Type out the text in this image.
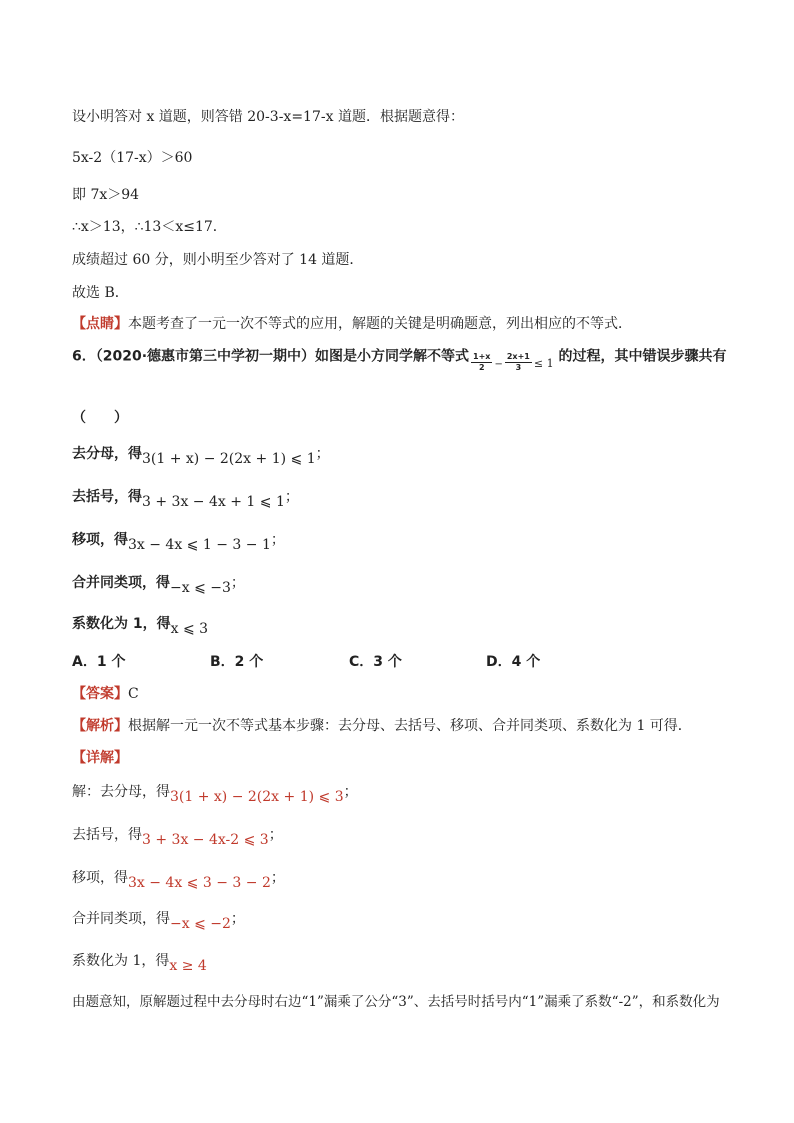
设小明答对 x 道题，则答错 20-3-x=17-x 道题．根据题意得：
5x-2（17-x）＞60
即 7x＞94
∴x＞13，∴13＜x≤17．
成绩超过 60 分，则小明至少答对了 14 道题．
故选 B．
【点睛】本题考查了一元一次不等式的应用，解题的关键是明确题意，列出相应的不等式．
6．（2020·德惠市第三中学初一期中）如图是小方同学解不等式 $\frac{1+x}{2} _- \frac{2x+1}{3} _{\le 1}$ 的过程，其中错误步骤共有
（　　）
去分母，得3(1 + x) − 2(2x + 1) ⩽ 1；
去括号，得3 + 3x − 4x + 1 ⩽ 1；
移项，得3x − 4x ⩽ 1 − 3 − 1；
合并同类项，得−x ⩽ −3；
系数化为 1，得x ⩽ 3
A．1 个	B．2 个	C．3 个	D．4 个
【答案】C
【解析】根据解一元一次不等式基本步骤：去分母、去括号、移项、合并同类项、系数化为 1 可得．
【详解】
解：去分母，得3(1 + x) − 2(2x + 1) ⩽ 3；
去括号，得3 + 3x − 4x-2 ⩽ 3；
移项，得3x − 4x ⩽ 3 − 3 − 2；
合并同类项，得−x ⩽ −2；
系数化为 1，得x ≥ 4
由题意知，原解题过程中去分母时右边“1”漏乘了公分“3”、去括号时括号内“1”漏乘了系数“-2”，和系数化为
